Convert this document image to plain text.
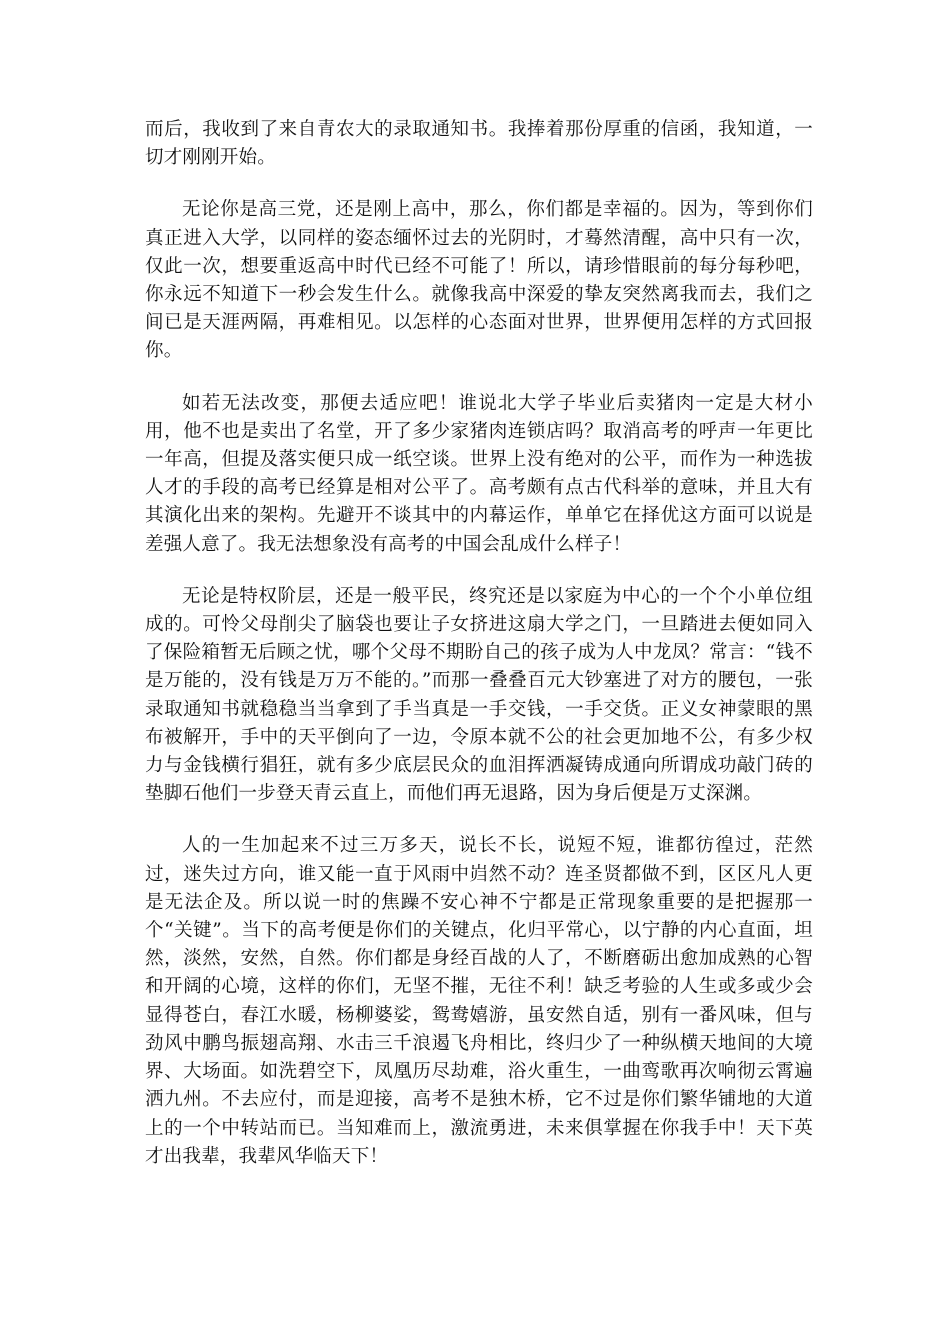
而后，我收到了来自青农大的录取通知书。我捧着那份厚重的信函，我知道，一切才刚刚开始。

无论你是高三党，还是刚上高中，那么，你们都是幸福的。因为，等到你们真正进入大学，以同样的姿态缅怀过去的光阴时，才蓦然清醒，高中只有一次，仅此一次，想要重返高中时代已经不可能了！所以，请珍惜眼前的每分每秒吧，你永远不知道下一秒会发生什么。就像我高中深爱的挚友突然离我而去，我们之间已是天涯两隔，再难相见。以怎样的心态面对世界，世界便用怎样的方式回报你。

如若无法改变，那便去适应吧！谁说北大学子毕业后卖猪肉一定是大材小用，他不也是卖出了名堂，开了多少家猪肉连锁店吗？取消高考的呼声一年更比一年高，但提及落实便只成一纸空谈。世界上没有绝对的公平，而作为一种选拔人才的手段的高考已经算是相对公平了。高考颇有点古代科举的意味，并且大有其演化出来的架构。先避开不谈其中的内幕运作，单单它在择优这方面可以说是差强人意了。我无法想象没有高考的中国会乱成什么样子！

无论是特权阶层，还是一般平民，终究还是以家庭为中心的一个个小单位组成的。可怜父母削尖了脑袋也要让子女挤进这扇大学之门，一旦踏进去便如同入了保险箱暂无后顾之忧，哪个父母不期盼自己的孩子成为人中龙凤？常言：“钱不是万能的，没有钱是万万不能的。”而那一叠叠百元大钞塞进了对方的腰包，一张录取通知书就稳稳当当拿到了手当真是一手交钱，一手交货。正义女神蒙眼的黑布被解开，手中的天平倒向了一边，令原本就不公的社会更加地不公，有多少权力与金钱横行猖狂，就有多少底层民众的血泪挥洒凝铸成通向所谓成功敲门砖的垫脚石他们一步登天青云直上，而他们再无退路，因为身后便是万丈深渊。

人的一生加起来不过三万多天，说长不长，说短不短，谁都彷徨过，茫然过，迷失过方向，谁又能一直于风雨中岿然不动？连圣贤都做不到，区区凡人更是无法企及。所以说一时的焦躁不安心神不宁都是正常现象重要的是把握那一个“关键”。当下的高考便是你们的关键点，化归平常心，以宁静的内心直面，坦然，淡然，安然，自然。你们都是身经百战的人了，不断磨砺出愈加成熟的心智和开阔的心境，这样的你们，无坚不摧，无往不利！缺乏考验的人生或多或少会显得苍白，春江水暖，杨柳婆娑，鸳鸯嬉游，虽安然自适，别有一番风味，但与劲风中鹏鸟振翅高翔、水击三千浪遏飞舟相比，终归少了一种纵横天地间的大境界、大场面。如洗碧空下，凤凰历尽劫难，浴火重生，一曲鸾歌再次响彻云霄遍洒九州。不去应付，而是迎接，高考不是独木桥，它不过是你们繁华铺地的大道上的一个中转站而已。当知难而上，激流勇进，未来俱掌握在你我手中！天下英才出我辈，我辈风华临天下！
